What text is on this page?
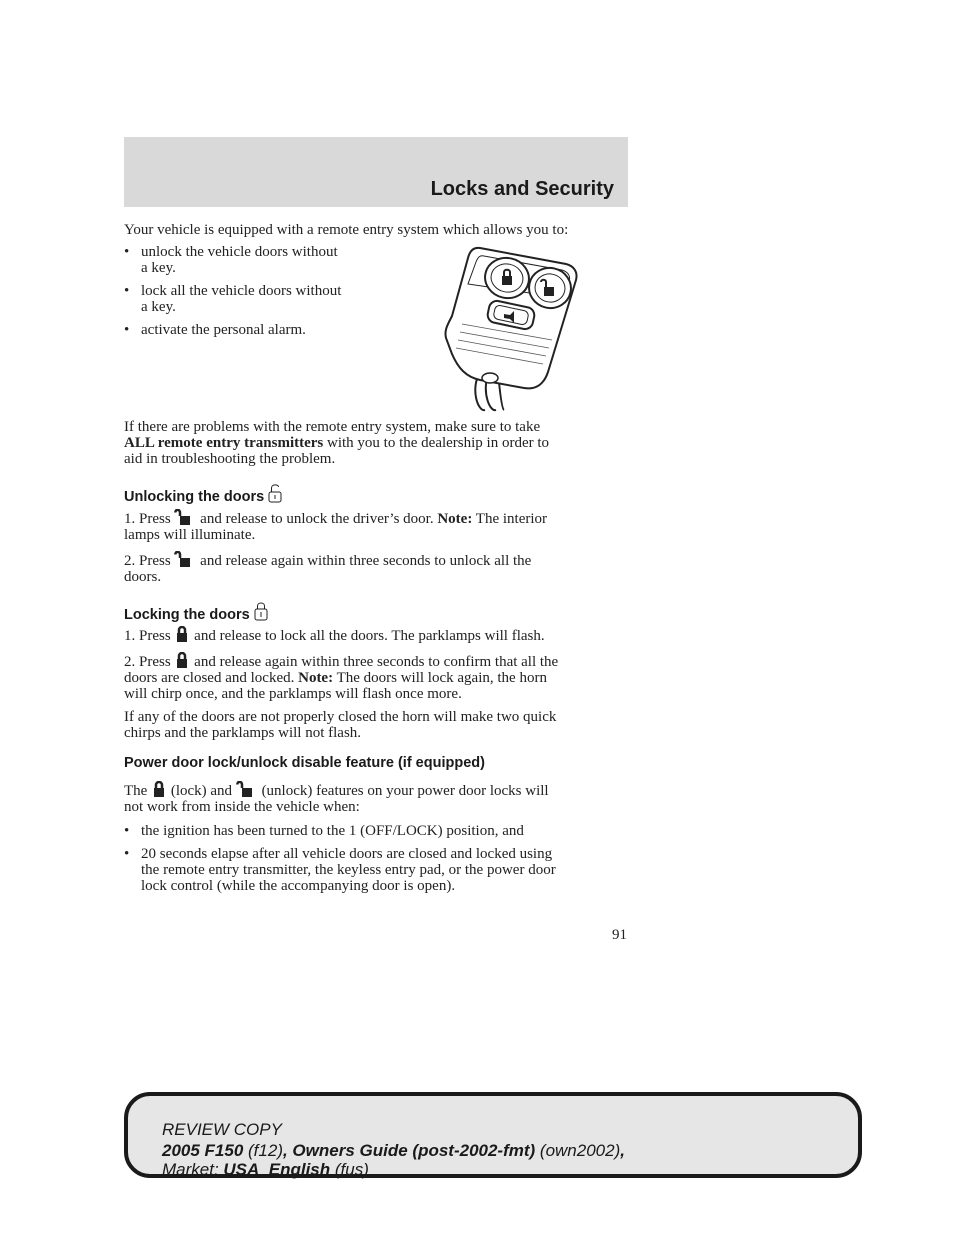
Locks and Security
Your vehicle is equipped with a remote entry system which allows you to:
• unlock the vehicle doors without
a key.
• lock all the vehicle doors without
a key.
• activate the personal alarm.
If there are problems with the remote entry system, make sure to take
ALL remote entry transmitters with you to the dealership in order to
aid in troubleshooting the problem.
Unlocking the doors
1. Press and release to unlock the driver’s door. Note: The interior
lamps will illuminate.
2. Press and release again within three seconds to unlock all the
doors.
Locking the doors
1. Press and release to lock all the doors. The parklamps will flash.
2. Press and release again within three seconds to confirm that all the
doors are closed and locked. Note: The doors will lock again, the horn
will chirp once, and the parklamps will flash once more.
If any of the doors are not properly closed the horn will make two quick
chirps and the parklamps will not flash.
Power door lock/unlock disable feature (if equipped)
The (lock) and (unlock) features on your power door locks will
not work from inside the vehicle when:
• the ignition has been turned to the 1 (OFF/LOCK) position, and
• 20 seconds elapse after all vehicle doors are closed and locked using
the remote entry transmitter, the keyless entry pad, or the power door
lock control (while the accompanying door is open).
91
REVIEW COPY
2005 F150 (f12), Owners Guide (post-2002-fmt) (own2002),
Market: USA_English (fus)
